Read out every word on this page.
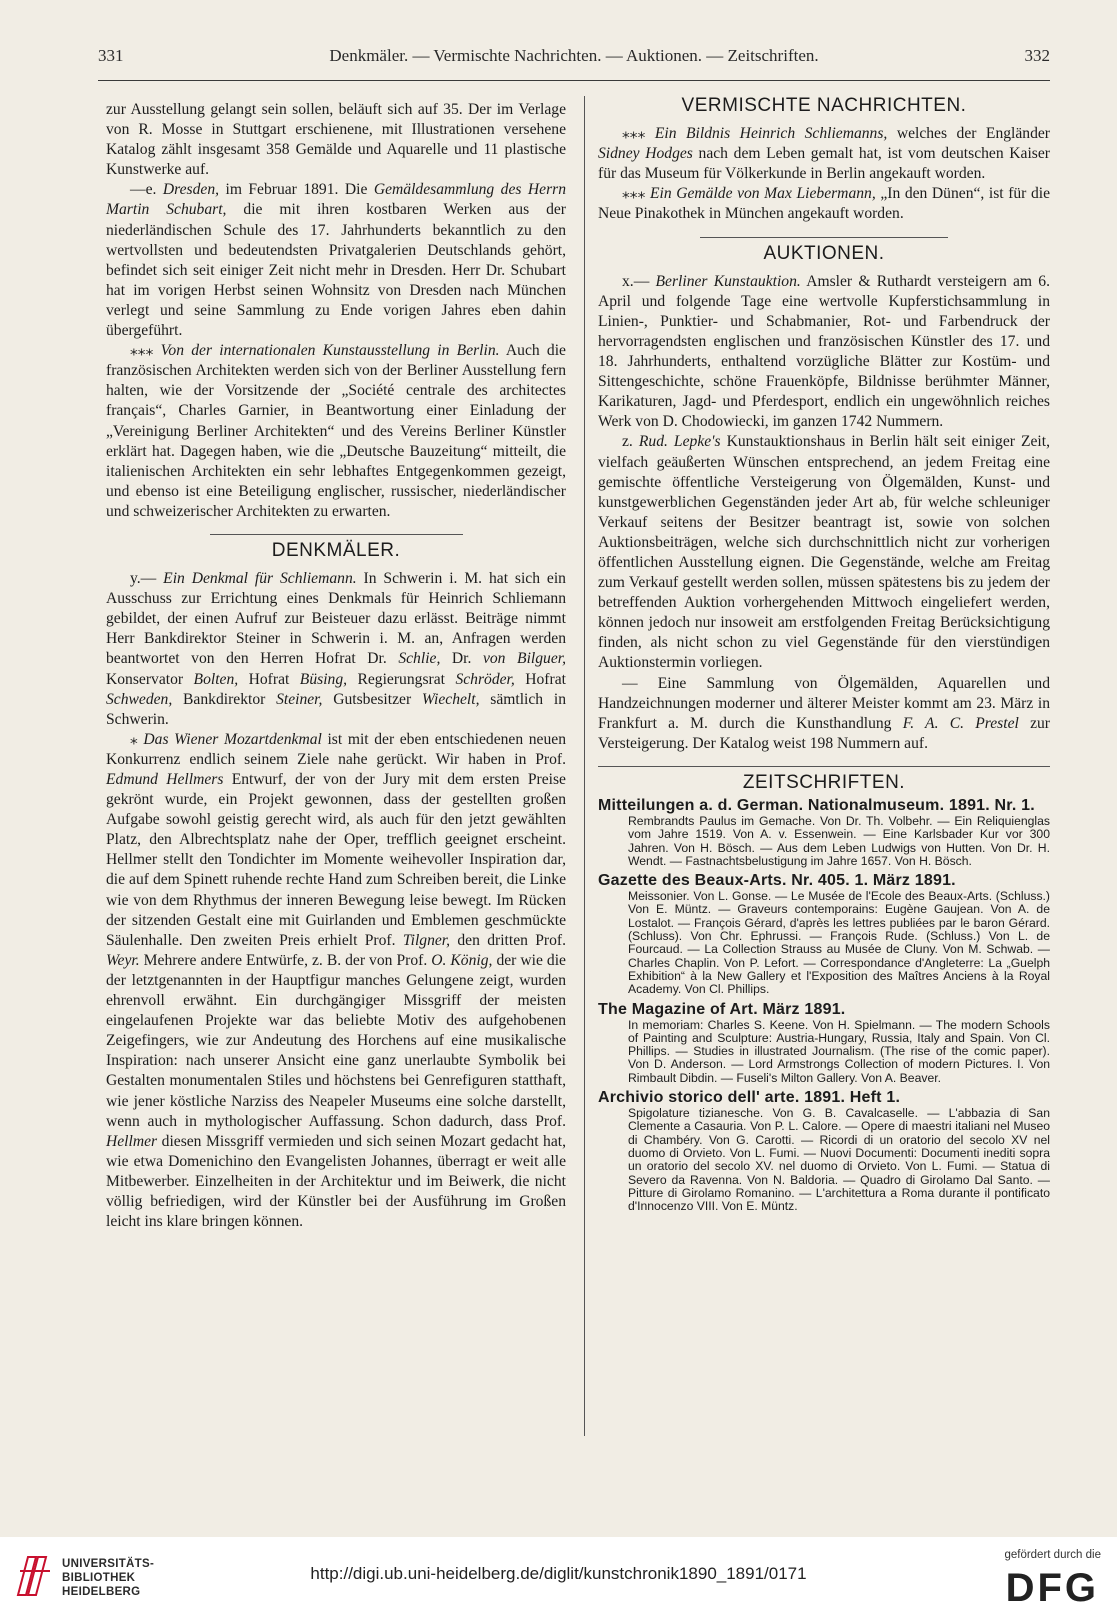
331	Denkmäler. — Vermischte Nachrichten. — Auktionen. — Zeitschriften.	332

zur Ausstellung gelangt sein sollen, beläuft sich auf 35. Der im Verlage von R. Mosse in Stuttgart erschienene, mit Illustrationen versehene Katalog zählt insgesamt 358 Gemälde und Aquarelle und 11 plastische Kunstwerke auf.

—e. Dresden, im Februar 1891. Die Gemäldesammlung des Herrn Martin Schubart, die mit ihren kostbaren Werken aus der niederländischen Schule des 17. Jahrhunderts bekanntlich zu den wertvollsten und bedeutendsten Privatgalerien Deutschlands gehört, befindet sich seit einiger Zeit nicht mehr in Dresden. Herr Dr. Schubart hat im vorigen Herbst seinen Wohnsitz von Dresden nach München verlegt und seine Sammlung zu Ende vorigen Jahres eben dahin übergeführt.

⁎⁎⁎ Von der internationalen Kunstausstellung in Berlin. Auch die französischen Architekten werden sich von der Berliner Ausstellung fern halten, wie der Vorsitzende der „Société centrale des architectes français“, Charles Garnier, in Beantwortung einer Einladung der „Vereinigung Berliner Architekten“ und des Vereins Berliner Künstler erklärt hat. Dagegen haben, wie die „Deutsche Bauzeitung“ mitteilt, die italienischen Architekten ein sehr lebhaftes Entgegenkommen gezeigt, und ebenso ist eine Beteiligung englischer, russischer, niederländischer und schweizerischer Architekten zu erwarten.

DENKMÄLER.

y.— Ein Denkmal für Schliemann. In Schwerin i. M. hat sich ein Ausschuss zur Errichtung eines Denkmals für Heinrich Schliemann gebildet, der einen Aufruf zur Beisteuer dazu erlässt. Beiträge nimmt Herr Bankdirektor Steiner in Schwerin i. M. an, Anfragen werden beantwortet von den Herren Hofrat Dr. Schlie, Dr. von Bilguer, Konservator Bolten, Hofrat Büsing, Regierungsrat Schröder, Hofrat Schweden, Bankdirektor Steiner, Gutsbesitzer Wiechelt, sämtlich in Schwerin.

⁎ Das Wiener Mozartdenkmal ist mit der eben entschiedenen neuen Konkurrenz endlich seinem Ziele nahe gerückt. Wir haben in Prof. Edmund Hellmers Entwurf, der von der Jury mit dem ersten Preise gekrönt wurde, ein Projekt gewonnen, dass der gestellten großen Aufgabe sowohl geistig gerecht wird, als auch für den jetzt gewählten Platz, den Albrechtsplatz nahe der Oper, trefflich geeignet erscheint. Hellmer stellt den Tondichter im Momente weihevoller Inspiration dar, die auf dem Spinett ruhende rechte Hand zum Schreiben bereit, die Linke wie von dem Rhythmus der inneren Bewegung leise bewegt. Im Rücken der sitzenden Gestalt eine mit Guirlanden und Emblemen geschmückte Säulenhalle. Den zweiten Preis erhielt Prof. Tilgner, den dritten Prof. Weyr. Mehrere andere Entwürfe, z. B. der von Prof. O. König, der wie die der letztgenannten in der Hauptfigur manches Gelungene zeigt, wurden ehrenvoll erwähnt. Ein durchgängiger Missgriff der meisten eingelaufenen Projekte war das beliebte Motiv des aufgehobenen Zeigefingers, wie zur Andeutung des Horchens auf eine musikalische Inspiration: nach unserer Ansicht eine ganz unerlaubte Symbolik bei Gestalten monumentalen Stiles und höchstens bei Genrefiguren statthaft, wie jener köstliche Narziss des Neapeler Museums eine solche darstellt, wenn auch in mythologischer Auffassung. Schon dadurch, dass Prof. Hellmer diesen Missgriff vermieden und sich seinen Mozart gedacht hat, wie etwa Domenichino den Evangelisten Johannes, überragt er weit alle Mitbewerber. Einzelheiten in der Architektur und im Beiwerk, die nicht völlig befriedigen, wird der Künstler bei der Ausführung im Großen leicht ins klare bringen können.

VERMISCHTE NACHRICHTEN.

⁎⁎⁎ Ein Bildnis Heinrich Schliemanns, welches der Engländer Sidney Hodges nach dem Leben gemalt hat, ist vom deutschen Kaiser für das Museum für Völkerkunde in Berlin angekauft worden.

⁎⁎⁎ Ein Gemälde von Max Liebermann, „In den Dünen“, ist für die Neue Pinakothek in München angekauft worden.

AUKTIONEN.

x.— Berliner Kunstauktion. Amsler & Ruthardt versteigern am 6. April und folgende Tage eine wertvolle Kupferstichsammlung in Linien-, Punktier- und Schabmanier, Rot- und Farbendruck der hervorragendsten englischen und französischen Künstler des 17. und 18. Jahrhunderts, enthaltend vorzügliche Blätter zur Kostüm- und Sittengeschichte, schöne Frauenköpfe, Bildnisse berühmter Männer, Karikaturen, Jagd- und Pferdesport, endlich ein ungewöhnlich reiches Werk von D. Chodowiecki, im ganzen 1742 Nummern.

z. Rud. Lepke's Kunstauktionshaus in Berlin hält seit einiger Zeit, vielfach geäußerten Wünschen entsprechend, an jedem Freitag eine gemischte öffentliche Versteigerung von Ölgemälden, Kunst- und kunstgewerblichen Gegenständen jeder Art ab, für welche schleuniger Verkauf seitens der Besitzer beantragt ist, sowie von solchen Auktionsbeiträgen, welche sich durchschnittlich nicht zur vorherigen öffentlichen Ausstellung eignen. Die Gegenstände, welche am Freitag zum Verkauf gestellt werden sollen, müssen spätestens bis zu jedem der betreffenden Auktion vorhergehenden Mittwoch eingeliefert werden, können jedoch nur insoweit am erstfolgenden Freitag Berücksichtigung finden, als nicht schon zu viel Gegenstände für den vierstündigen Auktionstermin vorliegen.

— Eine Sammlung von Ölgemälden, Aquarellen und Handzeichnungen moderner und älterer Meister kommt am 23. März in Frankfurt a. M. durch die Kunsthandlung F. A. C. Prestel zur Versteigerung. Der Katalog weist 198 Nummern auf.

ZEITSCHRIFTEN.
Mitteilungen a. d. German. Nationalmuseum. 1891. Nr. 1.
Rembrandts Paulus im Gemache. Von Dr. Th. Volbehr. — Ein Reliquienglas vom Jahre 1519. Von A. v. Essenwein. — Eine Karlsbader Kur vor 300 Jahren. Von H. Bösch. — Aus dem Leben Ludwigs von Hutten. Von Dr. H. Wendt. — Fastnachtsbelustigung im Jahre 1657. Von H. Bösch.
Gazette des Beaux-Arts. Nr. 405. 1. März 1891.
Meissonier. Von L. Gonse. — Le Musée de l'Ecole des Beaux-Arts. (Schluss.) Von E. Müntz. — Graveurs contemporains: Eugène Gaujean. Von A. de Lostalot. — François Gérard, d'après les lettres publiées par le baron Gérard. (Schluss). Von Chr. Ephrussi. — François Rude. (Schluss.) Von L. de Fourcaud. — La Collection Strauss au Musée de Cluny. Von M. Schwab. — Charles Chaplin. Von P. Lefort. — Correspondance d'Angleterre: La „Guelph Exhibition“ à la New Gallery et l'Exposition des Maîtres Anciens à la Royal Academy. Von Cl. Phillips.
The Magazine of Art. März 1891.
In memoriam: Charles S. Keene. Von H. Spielmann. — The modern Schools of Painting and Sculpture: Austria-Hungary, Russia, Italy and Spain. Von Cl. Phillips. — Studies in illustrated Journalism. (The rise of the comic paper). Von D. Anderson. — Lord Armstrongs Collection of modern Pictures. I. Von Rimbault Dibdin. — Fuseli's Milton Gallery. Von A. Beaver.
Archivio storico dell' arte. 1891. Heft 1.
Spigolature tizianesche. Von G. B. Cavalcaselle. — L'abbazia di San Clemente a Casauria. Von P. L. Calore. — Opere di maestri italiani nel Museo di Chambéry. Von G. Carotti. — Ricordi di un oratorio del secolo XV nel duomo di Orvieto. Von L. Fumi. — Nuovi Documenti: Documenti inediti sopra un oratorio del secolo XV. nel duomo di Orvieto. Von L. Fumi. — Statua di Severo da Ravenna. Von N. Baldoria. — Quadro di Girolamo Dal Santo. — Pitture di Girolamo Romanino. — L'architettura a Roma durante il pontificato d'Innocenzo VIII. Von E. Müntz.
UNIVERSITÄTS-
BIBLIOTHEK
HEIDELBERG
http://digi.ub.uni-heidelberg.de/diglit/kunstchronik1890_1891/0171
gefördert durch die
DFG
